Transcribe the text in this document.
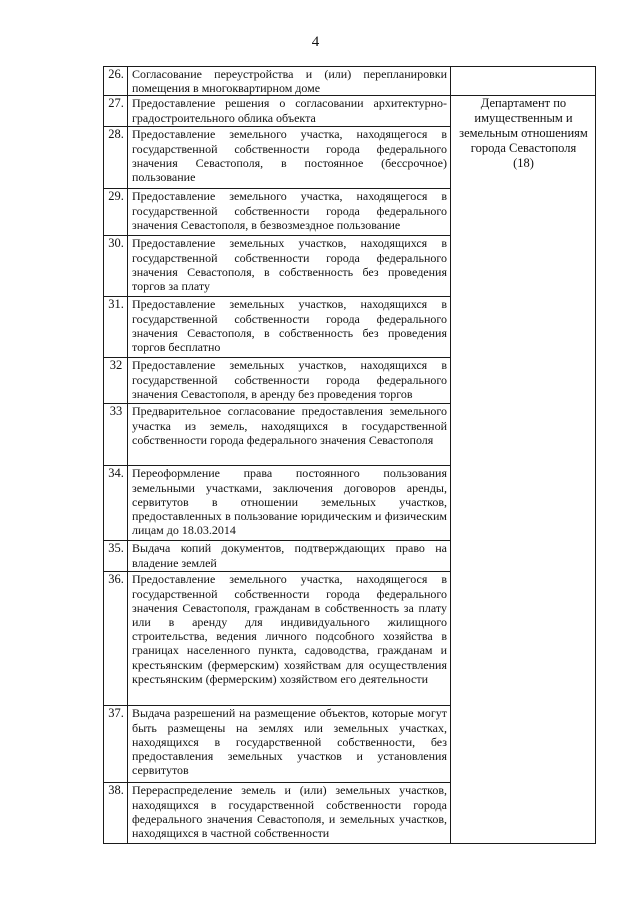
4
26.	Согласование переустройства и (или) перепланировки помещения в многоквартирном доме	
27.	Предоставление решения о согласовании архитектурно-градостроительного облика объекта	Департамент по имущественным и земельным отношениям города Севастополя
(18)

28.	Предоставление земельного участка, находящегося в государственной собственности города федерального значения Севастополя, в постоянное (бессрочное) пользование	
29.	Предоставление земельного участка, находящегося в государственной собственности города федерального значения Севастополя, в безвозмездное пользование	
30.	Предоставление земельных участков, находящихся в государственной собственности города федерального значения Севастополя, в собственность без проведения торгов за плату	
31.	Предоставление земельных участков, находящихся в государственной собственности города федерального значения Севастополя, в собственность без проведения торгов бесплатно	
32	Предоставление земельных участков, находящихся в государственной собственности города федерального значения Севастополя, в аренду без проведения торгов	
33	Предварительное согласование предоставления земельного участка из земель, находящихся в государственной собственности города федерального значения Севастополя	
34.	Переоформление права постоянного пользования земельными участками, заключения договоров аренды, сервитутов в отношении земельных участков, предоставленных в пользование юридическим и физическим лицам до 18.03.2014	
35.	Выдача копий документов, подтверждающих право на владение землей	
36.	Предоставление земельного участка, находящегося в государственной собственности города федерального значения Севастополя, гражданам в собственность за плату или в аренду для индивидуального жилищного строительства, ведения личного подсобного хозяйства в границах населенного пункта, садоводства, гражданам и крестьянским (фермерским) хозяйствам для осуществления крестьянским (фермерским) хозяйством его деятельности	
37.	Выдача разрешений на размещение объектов, которые могут быть размещены на землях или земельных участках, находящихся в государственной собственности, без предоставления земельных участков и установления сервитутов	
38.	Перераспределение земель и (или) земельных участков, находящихся в государственной собственности города федерального значения Севастополя, и земельных участков, находящихся в частной собственности	
